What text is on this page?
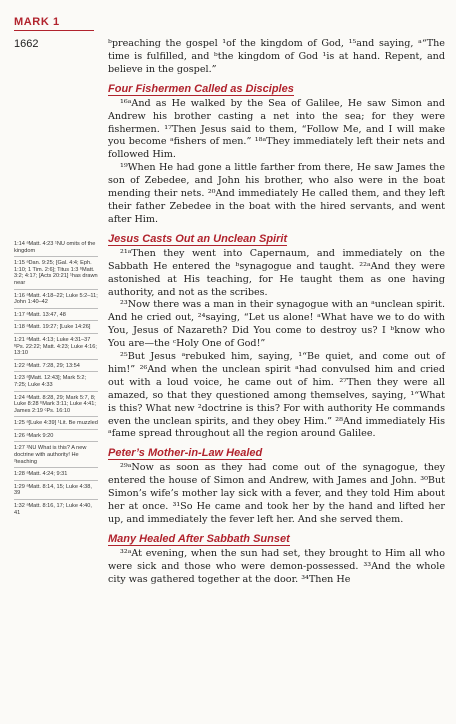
MARK 1
1662
1:14 ᵃMatt. 4:23 ¹NU omits of the kingdom
1:15 ᵃDan. 9:25; [Gal. 4:4; Eph. 1:10; 1 Tim. 2:6]; Titus 1:3 ᵇMatt. 3:2; 4:17; [Acts 20:21] ¹has drawn near
1:16 ᵃMatt. 4:18–22; Luke 5:2–11; John 1:40–42
1:17 ᵃMatt. 13:47, 48
1:18 ᵃMatt. 19:27; [Luke 14:26]
1:21 ᵃMatt. 4:13; Luke 4:31–37 ᵇPs. 22:22; Matt. 4:23; Luke 4:16; 13:10
1:22 ᵃMatt. 7:28, 29; 13:54
1:23 ᵃ[Matt. 12:43]; Mark 5:2; 7:25; Luke 4:33
1:24 ᵃMatt. 8:28, 29; Mark 5:7, 8; Luke 8:28 ᵇMark 3:11; Luke 4:41; James 2:19 ᶜPs. 16:10
1:25 ᵃ[Luke 4:39] ¹Lit. Be muzzled
1:26 ᵃMark 9:20
1:27 ¹NU What is this? A new doctrine with authority! He ²teaching
1:28 ᵃMatt. 4:24; 9:31
1:29 ᵃMatt. 8:14, 15; Luke 4:38, 39
1:32 ᵃMatt. 8:16, 17; Luke 4:40, 41

ᵇpreaching the gospel ¹of the kingdom of God, ¹⁵and saying, ᵃ“The time is fulfilled, and ᵇthe kingdom of God ¹is at hand. Repent, and believe in the gospel.”

Four Fishermen Called as Disciples

¹⁶ᵃAnd as He walked by the Sea of Galilee, He saw Simon and Andrew his brother casting a net into the sea; for they were fishermen. ¹⁷Then Jesus said to them, “Follow Me, and I will make you become ᵃfishers of men.” ¹⁸ᵃThey immediately left their nets and followed Him.

¹⁹When He had gone a little farther from there, He saw James the son of Zebedee, and John his brother, who also were in the boat mending their nets. ²⁰And immediately He called them, and they left their father Zebedee in the boat with the hired servants, and went after Him.

Jesus Casts Out an Unclean Spirit

²¹ᵃThen they went into Capernaum, and immediately on the Sabbath He entered the ᵇsynagogue and taught. ²²ᵃAnd they were astonished at His teaching, for He taught them as one having authority, and not as the scribes.

²³Now there was a man in their synagogue with an ᵃunclean spirit. And he cried out, ²⁴saying, “Let us alone! ᵃWhat have we to do with You, Jesus of Nazareth? Did You come to destroy us? I ᵇknow who You are—the ᶜHoly One of God!”

²⁵But Jesus ᵃrebuked him, saying, ¹“Be quiet, and come out of him!” ²⁶And when the unclean spirit ᵃhad convulsed him and cried out with a loud voice, he came out of him. ²⁷Then they were all amazed, so that they questioned among themselves, saying, ¹“What is this? What new ²doctrine is this? For with authority He commands even the unclean spirits, and they obey Him.” ²⁸And immediately His ᵃfame spread throughout all the region around Galilee.

Peter’s Mother-in-Law Healed

²⁹ᵃNow as soon as they had come out of the synagogue, they entered the house of Simon and Andrew, with James and John. ³⁰But Simon’s wife’s mother lay sick with a fever, and they told Him about her at once. ³¹So He came and took her by the hand and lifted her up, and immediately the fever left her. And she served them.

Many Healed After Sabbath Sunset

³²ᵃAt evening, when the sun had set, they brought to Him all who were sick and those who were demon-possessed. ³³And the whole city was gathered together at the door. ³⁴Then He
